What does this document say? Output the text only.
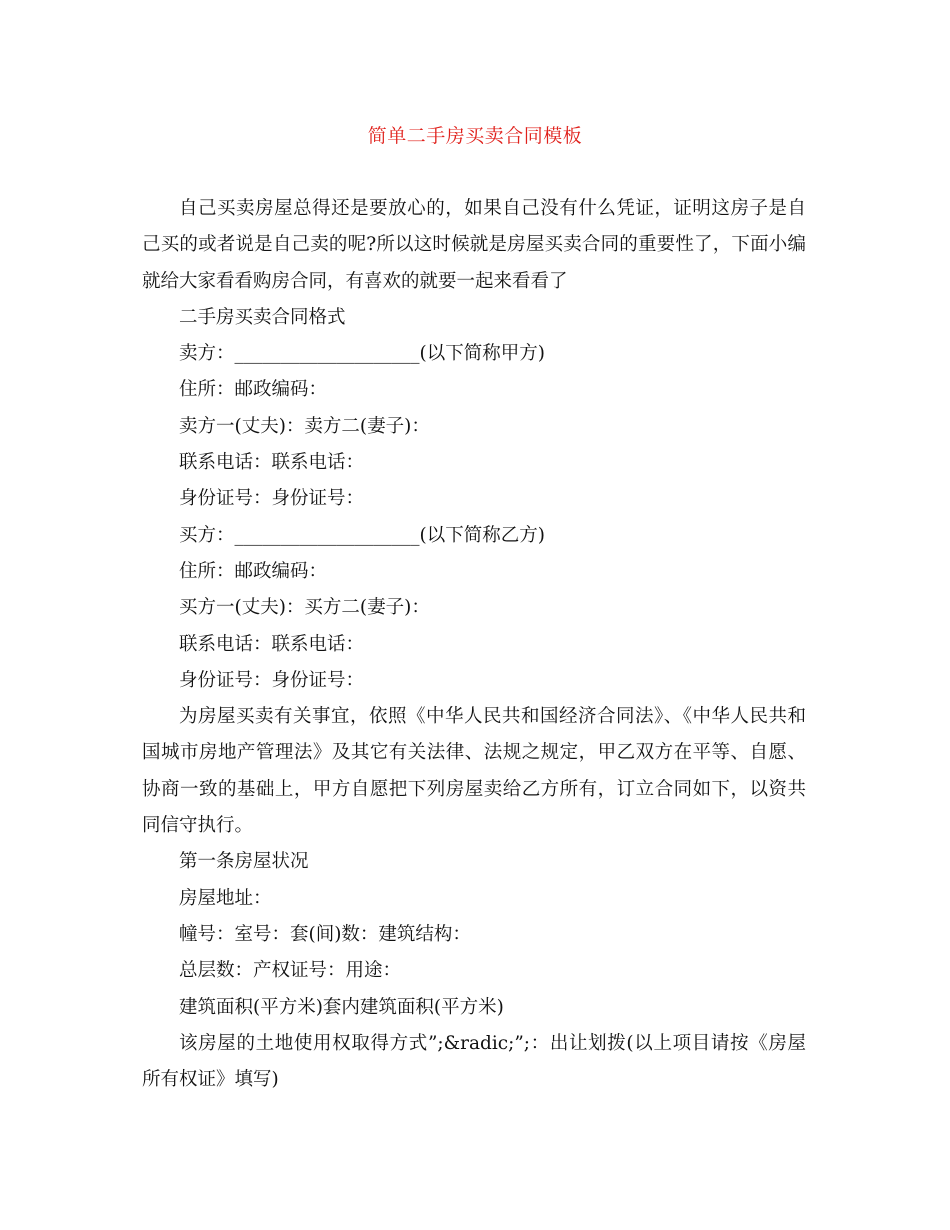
简单二手房买卖合同模板

自己买卖房屋总得还是要放心的，如果自己没有什么凭证，证明这房子是自己买的或者说是自己卖的呢?所以这时候就是房屋买卖合同的重要性了，下面小编就给大家看看购房合同，有喜欢的就要一起来看看了

二手房买卖合同格式

卖方：____________________(以下简称甲方)

住所：邮政编码：

卖方一(丈夫)：卖方二(妻子)：

联系电话：联系电话：

身份证号：身份证号：

买方：____________________(以下简称乙方)

住所：邮政编码：

买方一(丈夫)：买方二(妻子)：

联系电话：联系电话：

身份证号：身份证号：

为房屋买卖有关事宜，依照《中华人民共和国经济合同法》、《中华人民共和国城市房地产管理法》及其它有关法律、法规之规定，甲乙双方在平等、自愿、协商一致的基础上，甲方自愿把下列房屋卖给乙方所有，订立合同如下，以资共同信守执行。

第一条房屋状况

房屋地址：

幢号：室号：套(间)数：建筑结构：

总层数：产权证号：用途：

建筑面积(平方米)套内建筑面积(平方米)

该房屋的土地使用权取得方式”;&radic;”;：出让划拨(以上项目请按《房屋所有权证》填写)
